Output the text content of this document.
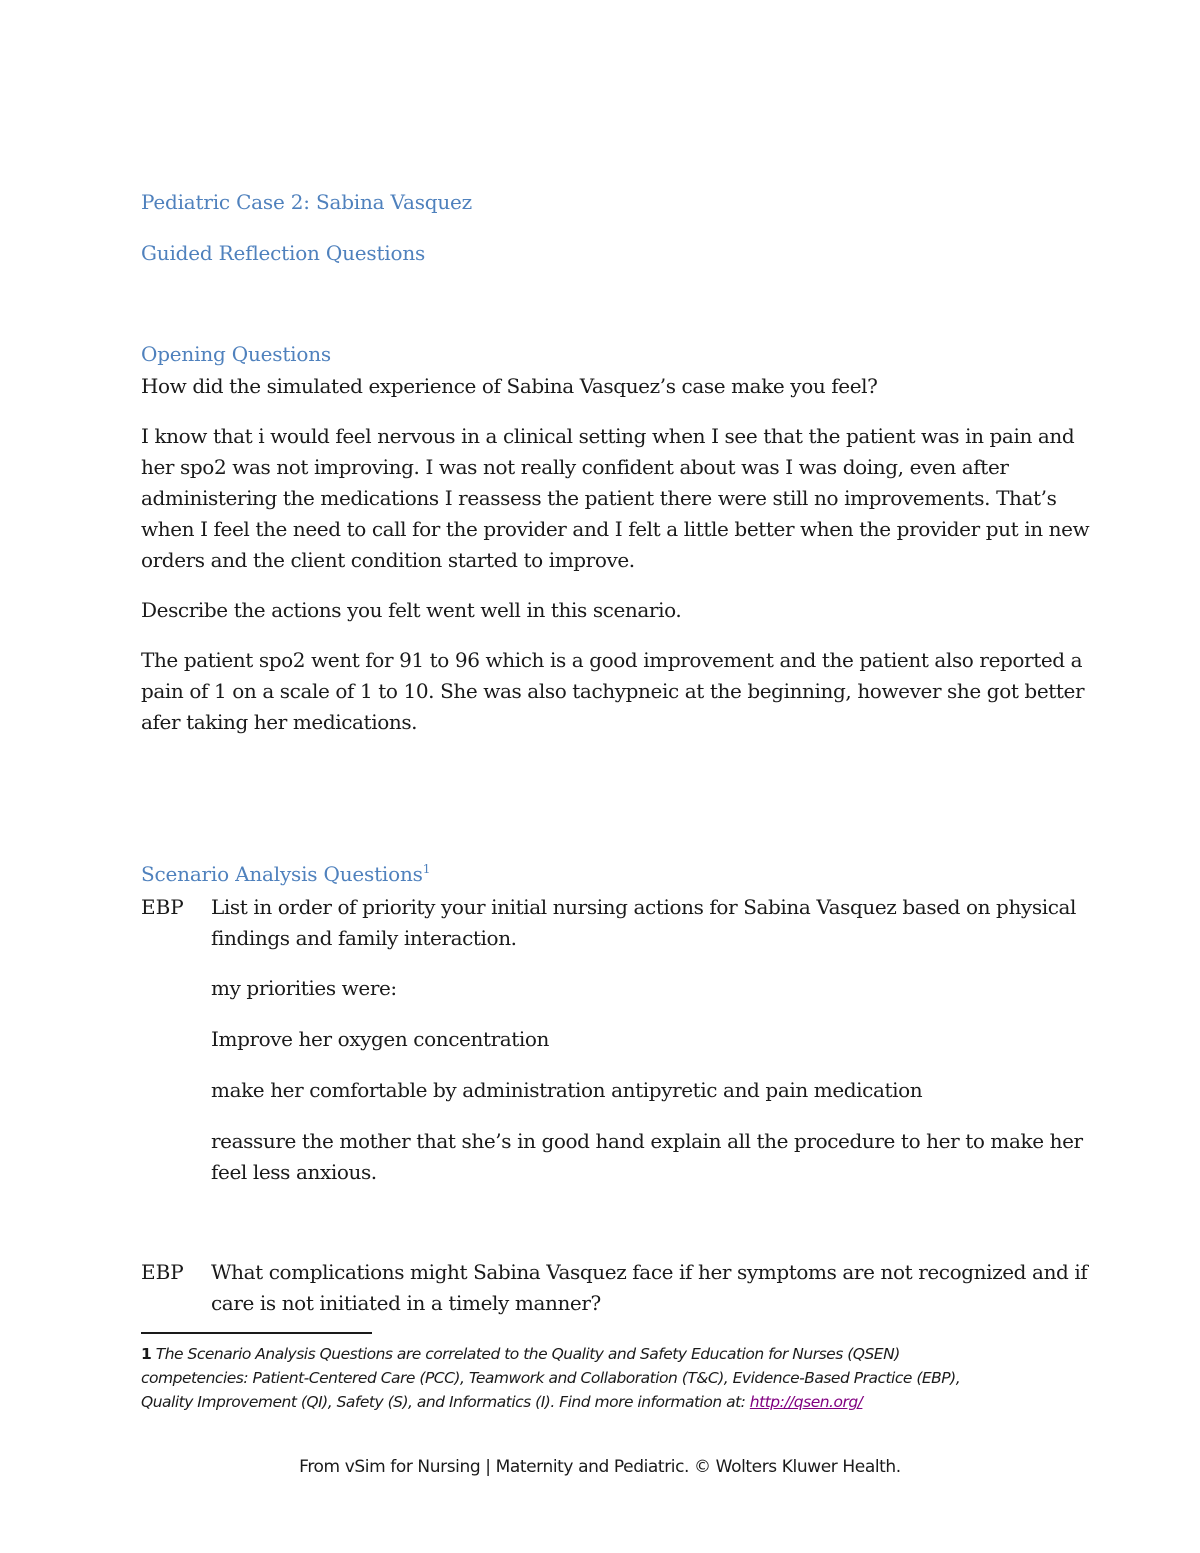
Pediatric Case 2: Sabina Vasquez
Guided Reflection Questions
Opening Questions
How did the simulated experience of Sabina Vasquez’s case make you feel?
I know that i would feel nervous in a clinical setting when I see that the patient was in pain and
her spo2 was not improving. I was not really confident about was I was doing, even after
administering the medications I reassess the patient there were still no improvements. That’s
when I feel the need to call for the provider and I felt a little better when the provider put in new
orders and the client condition started to improve.
Describe the actions you felt went well in this scenario.
The patient spo2 went for 91 to 96 which is a good improvement and the patient also reported a
pain of 1 on a scale of 1 to 10. She was also tachypneic at the beginning, however she got better
afer taking her medications.
Scenario Analysis Questions$^1$
EBP List in order of priority your initial nursing actions for Sabina Vasquez based on physical
findings and family interaction.
my priorities were:
Improve her oxygen concentration
make her comfortable by administration antipyretic and pain medication
reassure the mother that she’s in good hand explain all the procedure to her to make her
feel less anxious.
EBP What complications might Sabina Vasquez face if her symptoms are not recognized and if
care is not initiated in a timely manner?
1 The Scenario Analysis Questions are correlated to the Quality and Safety Education for Nurses (QSEN)
competencies: Patient-Centered Care (PCC), Teamwork and Collaboration (T&C), Evidence-Based Practice (EBP),
Quality Improvement (QI), Safety (S), and Informatics (I). Find more information at: http://qsen.org/
From vSim for Nursing | Maternity and Pediatric. © Wolters Kluwer Health.
